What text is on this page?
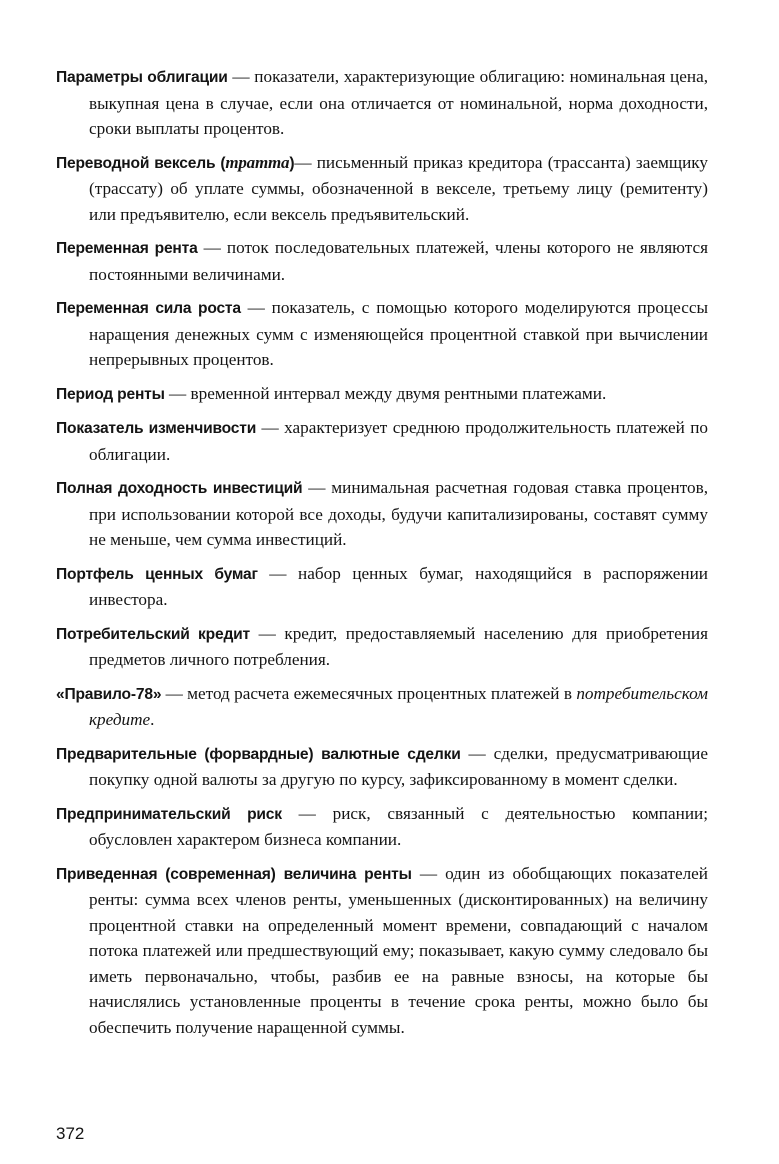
Параметры облигации — показатели, характеризующие облигацию: номинальная цена, выкупная цена в случае, если она отличается от номинальной, норма доходности, сроки выплаты процентов.

Переводной вексель (тратта)— письменный приказ кредитора (трассанта) заемщику (трассату) об уплате суммы, обозначенной в векселе, третьему лицу (ремитенту) или предъявителю, если вексель предъявительский.

Переменная рента — поток последовательных платежей, члены которого не являются постоянными величинами.

Переменная сила роста — показатель, с помощью которого моделируются процессы наращения денежных сумм с изменяющейся процентной ставкой при вычислении непрерывных процентов.

Период ренты — временной интервал между двумя рентными платежами.

Показатель изменчивости — характеризует среднюю продолжительность платежей по облигации.

Полная доходность инвестиций — минимальная расчетная годовая ставка процентов, при использовании которой все доходы, будучи капитализированы, составят сумму не меньше, чем сумма инвестиций.

Портфель ценных бумаг — набор ценных бумаг, находящийся в распоряжении инвестора.

Потребительский кредит — кредит, предоставляемый населению для приобретения предметов личного потребления.

«Правило-78» — метод расчета ежемесячных процентных платежей в потребительском кредите.

Предварительные (форвардные) валютные сделки — сделки, предусматривающие покупку одной валюты за другую по курсу, зафиксированному в момент сделки.

Предпринимательский риск — риск, связанный с деятельностью компании; обусловлен характером бизнеса компании.

Приведенная (современная) величина ренты — один из обобщающих показателей ренты: сумма всех членов ренты, уменьшенных (дисконтированных) на величину процентной ставки на определенный момент времени, совпадающий с началом потока платежей или предшествующий ему; показывает, какую сумму следовало бы иметь первоначально, чтобы, разбив ее на равные взносы, на которые бы начислялись установленные проценты в течение срока ренты, можно было бы обеспечить получение наращенной суммы.

372
